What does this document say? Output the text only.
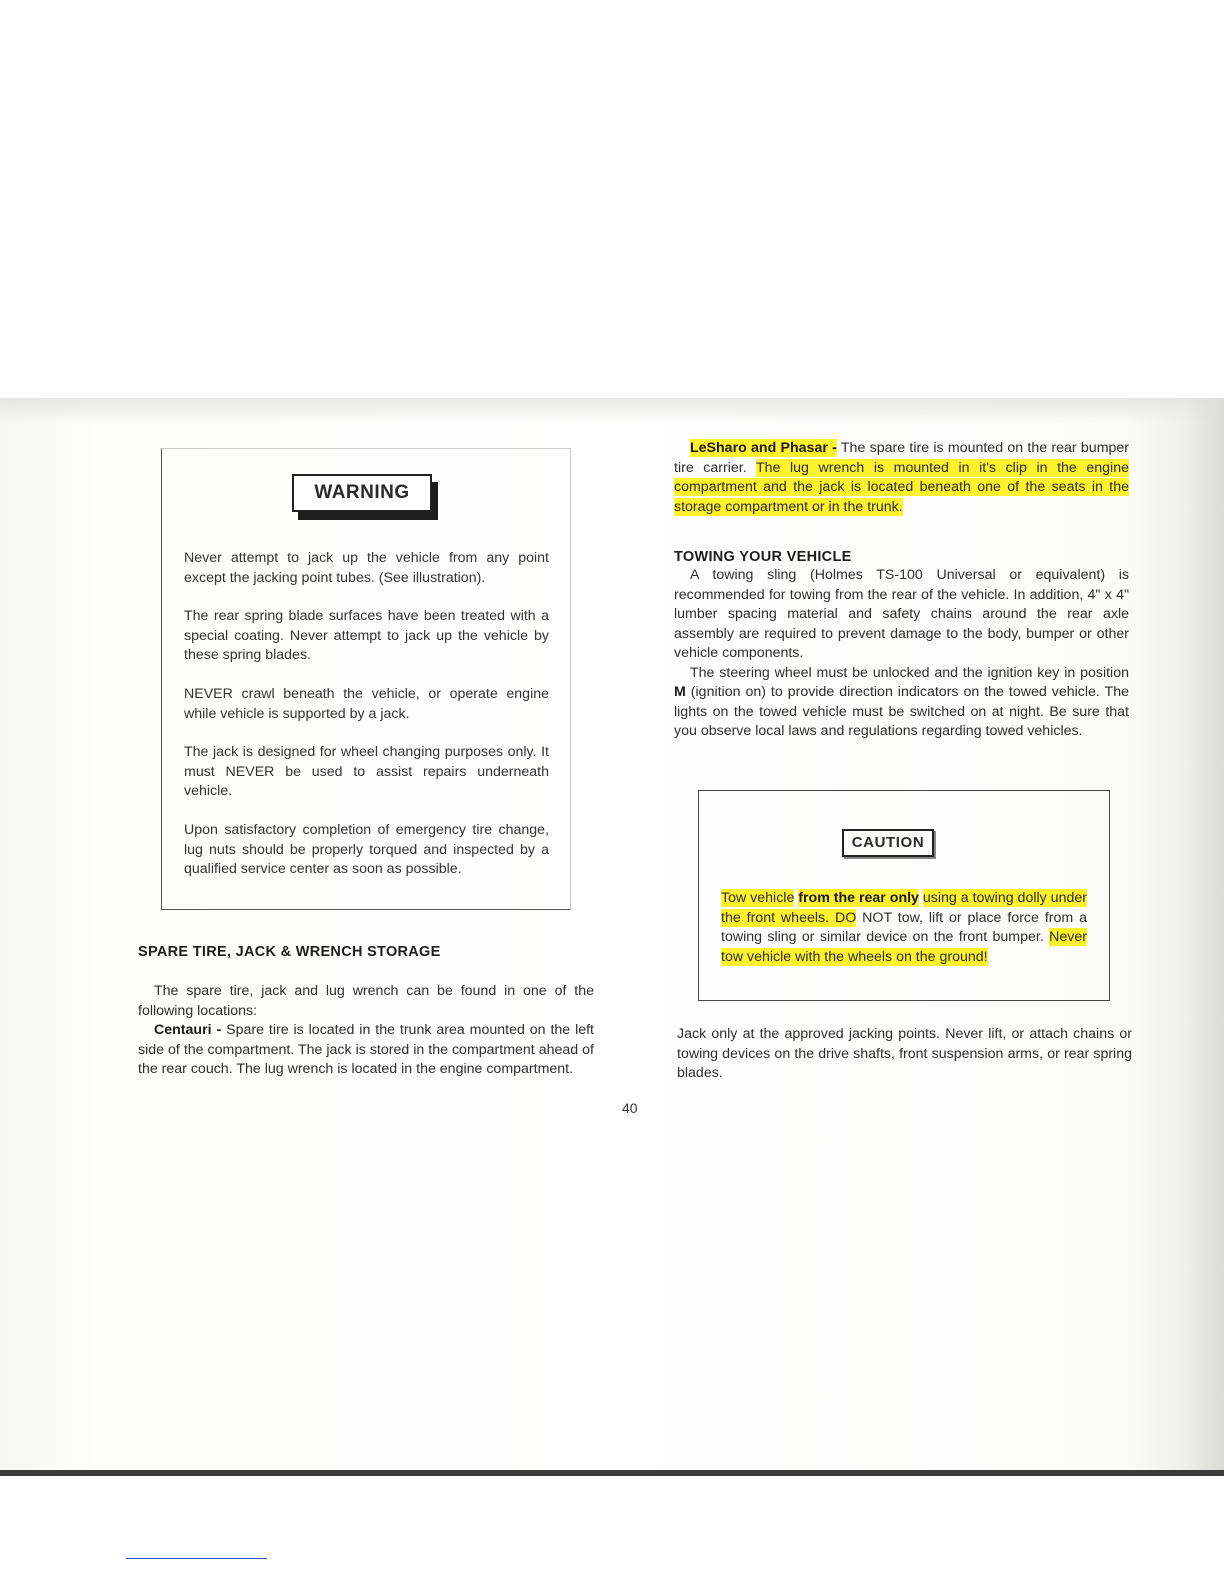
WARNING

Never attempt to jack up the vehicle from any point except the jacking point tubes. (See illustration).

The rear spring blade surfaces have been treated with a special coating. Never attempt to jack up the vehicle by these spring blades.

NEVER crawl beneath the vehicle, or operate engine while vehicle is supported by a jack.

The jack is designed for wheel changing purposes only. It must NEVER be used to assist repairs underneath vehicle.

Upon satisfactory completion of emergency tire change, lug nuts should be properly torqued and inspected by a qualified service center as soon as possible.

SPARE TIRE, JACK & WRENCH STORAGE

The spare tire, jack and lug wrench can be found in one of the following locations:

Centauri - Spare tire is located in the trunk area mounted on the left side of the compartment. The jack is stored in the compartment ahead of the rear couch. The lug wrench is located in the engine compartment.

LeSharo and Phasar - The spare tire is mounted on the rear bumper tire carrier. The lug wrench is mounted in it's clip in the engine compartment and the jack is located beneath one of the seats in the storage compartment or in the trunk.

TOWING YOUR VEHICLE

A towing sling (Holmes TS-100 Universal or equivalent) is recommended for towing from the rear of the vehicle. In addition, 4" x 4" lumber spacing material and safety chains around the rear axle assembly are required to prevent damage to the body, bumper or other vehicle components.

The steering wheel must be unlocked and the ignition key in position M (ignition on) to provide direction indicators on the towed vehicle. The lights on the towed vehicle must be switched on at night. Be sure that you observe local laws and regulations regarding towed vehicles.

CAUTION
Tow vehicle from the rear only using a towing dolly under the front wheels. DO NOT tow, lift or place force from a towing sling or similar device on the front bumper. Never tow vehicle with the wheels on the ground!
Jack only at the approved jacking points. Never lift, or attach chains or towing devices on the drive shafts, front suspension arms, or rear spring blades.
40
